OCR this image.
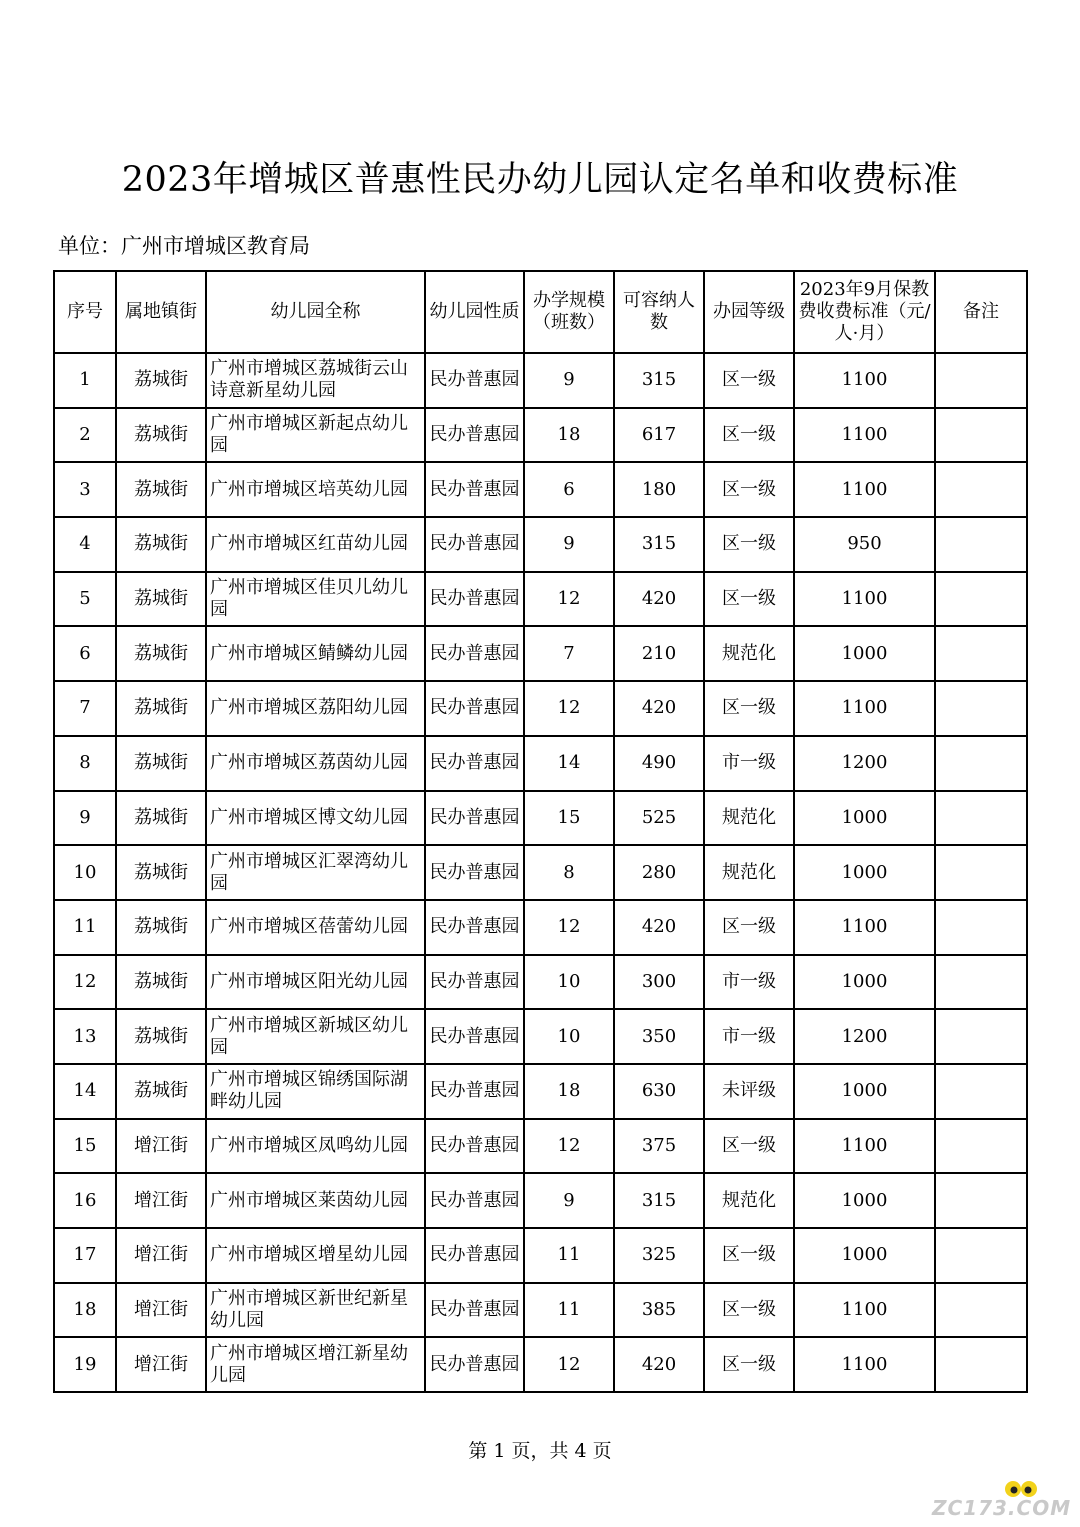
2023年增城区普惠性民办幼儿园认定名单和收费标准
单位：广州市增城区教育局
序号	属地镇街	幼儿园全称	幼儿园性质	办学规模（班数）	可容纳人数	办园等级	2023年9月保教费收费标准（元/人·月）	备注
1	荔城街	广州市增城区荔城街云山诗意新星幼儿园	民办普惠园	9	315	区一级	1100	
2	荔城街	广州市增城区新起点幼儿园	民办普惠园	18	617	区一级	1100	
3	荔城街	广州市增城区培英幼儿园	民办普惠园	6	180	区一级	1100	
4	荔城街	广州市增城区红苗幼儿园	民办普惠园	9	315	区一级	950	
5	荔城街	广州市增城区佳贝儿幼儿园	民办普惠园	12	420	区一级	1100	
6	荔城街	广州市增城区鲭鳞幼儿园	民办普惠园	7	210	规范化	1000	
7	荔城街	广州市增城区荔阳幼儿园	民办普惠园	12	420	区一级	1100	
8	荔城街	广州市增城区荔茵幼儿园	民办普惠园	14	490	市一级	1200	
9	荔城街	广州市增城区博文幼儿园	民办普惠园	15	525	规范化	1000	
10	荔城街	广州市增城区汇翠湾幼儿园	民办普惠园	8	280	规范化	1000	
11	荔城街	广州市增城区蓓蕾幼儿园	民办普惠园	12	420	区一级	1100	
12	荔城街	广州市增城区阳光幼儿园	民办普惠园	10	300	市一级	1000	
13	荔城街	广州市增城区新城区幼儿园	民办普惠园	10	350	市一级	1200	
14	荔城街	广州市增城区锦绣国际湖畔幼儿园	民办普惠园	18	630	未评级	1000	
15	增江街	广州市增城区凤鸣幼儿园	民办普惠园	12	375	区一级	1100	
16	增江街	广州市增城区莱茵幼儿园	民办普惠园	9	315	规范化	1000	
17	增江街	广州市增城区增星幼儿园	民办普惠园	11	325	区一级	1000	
18	增江街	广州市增城区新世纪新星幼儿园	民办普惠园	11	385	区一级	1100	
19	增江街	广州市增城区增江新星幼儿园	民办普惠园	12	420	区一级	1100	
第 1 页，共 4 页
ZC173.COM
